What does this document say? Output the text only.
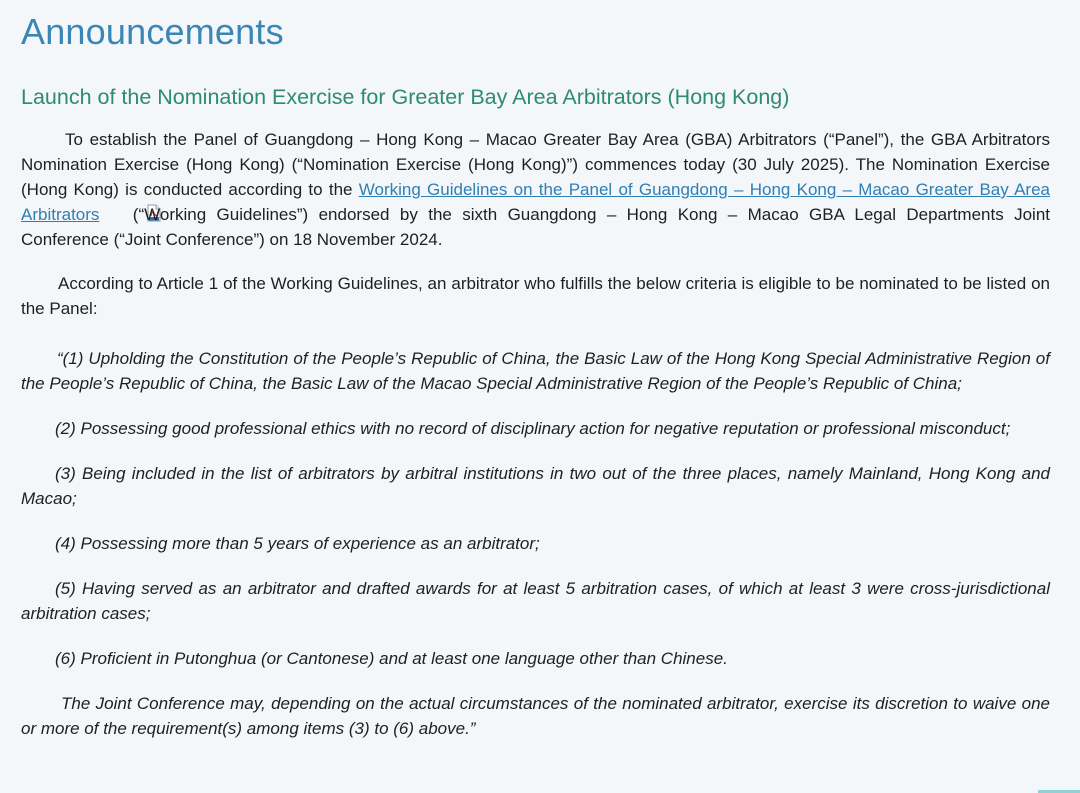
Announcements
Launch of the Nomination Exercise for Greater Bay Area Arbitrators (Hong Kong)

To establish the Panel of Guangdong – Hong Kong – Macao Greater Bay Area (GBA) Arbitrators (“Panel”), the GBA Arbitrators Nomination Exercise (Hong Kong) (“Nomination Exercise (Hong Kong)”) commences today (30 July 2025). The Nomination Exercise (Hong Kong) is conducted according to the Working Guidelines on the Panel of Guangdong – Hong Kong – Macao Greater Bay Area Arbitrators (“Working Guidelines”) endorsed by the sixth Guangdong – Hong Kong – Macao GBA Legal Departments Joint Conference (“Joint Conference”) on 18 November 2024.

According to Article 1 of the Working Guidelines, an arbitrator who fulfills the below criteria is eligible to be nominated to be listed on the Panel:

“(1) Upholding the Constitution of the People’s Republic of China, the Basic Law of the Hong Kong Special Administrative Region of the People’s Republic of China, the Basic Law of the Macao Special Administrative Region of the People’s Republic of China;

(2) Possessing good professional ethics with no record of disciplinary action for negative reputation or professional misconduct;

(3) Being included in the list of arbitrators by arbitral institutions in two out of the three places, namely Mainland, Hong Kong and Macao;

(4) Possessing more than 5 years of experience as an arbitrator;

(5) Having served as an arbitrator and drafted awards for at least 5 arbitration cases, of which at least 3 were cross-jurisdictional arbitration cases;

(6) Proficient in Putonghua (or Cantonese) and at least one language other than Chinese.

The Joint Conference may, depending on the actual circumstances of the nominated arbitrator, exercise its discretion to waive one or more of the requirement(s) among items (3) to (6) above.”
